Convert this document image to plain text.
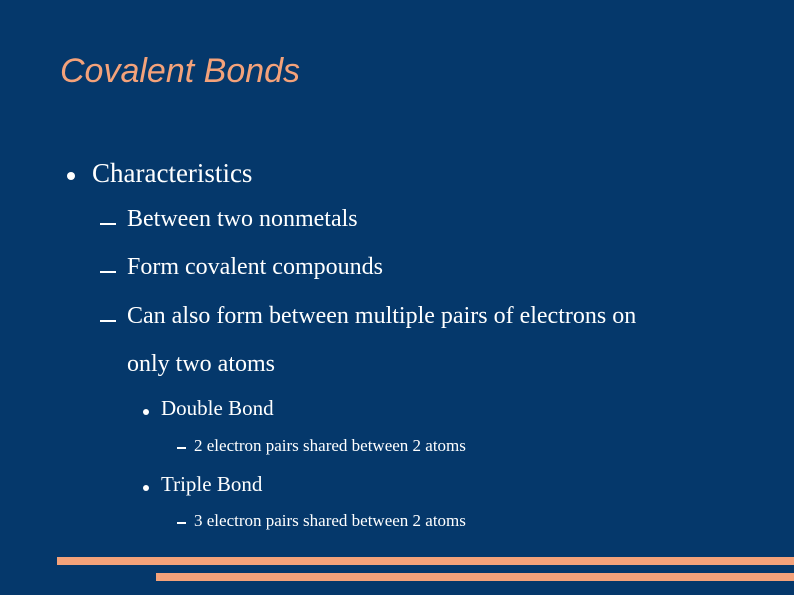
Covalent Bonds
Characteristics
Between two nonmetals
Form covalent compounds
Can also form between multiple pairs of electrons on
only two atoms
Double Bond
2 electron pairs shared between 2 atoms
Triple Bond
3 electron pairs shared between 2 atoms
